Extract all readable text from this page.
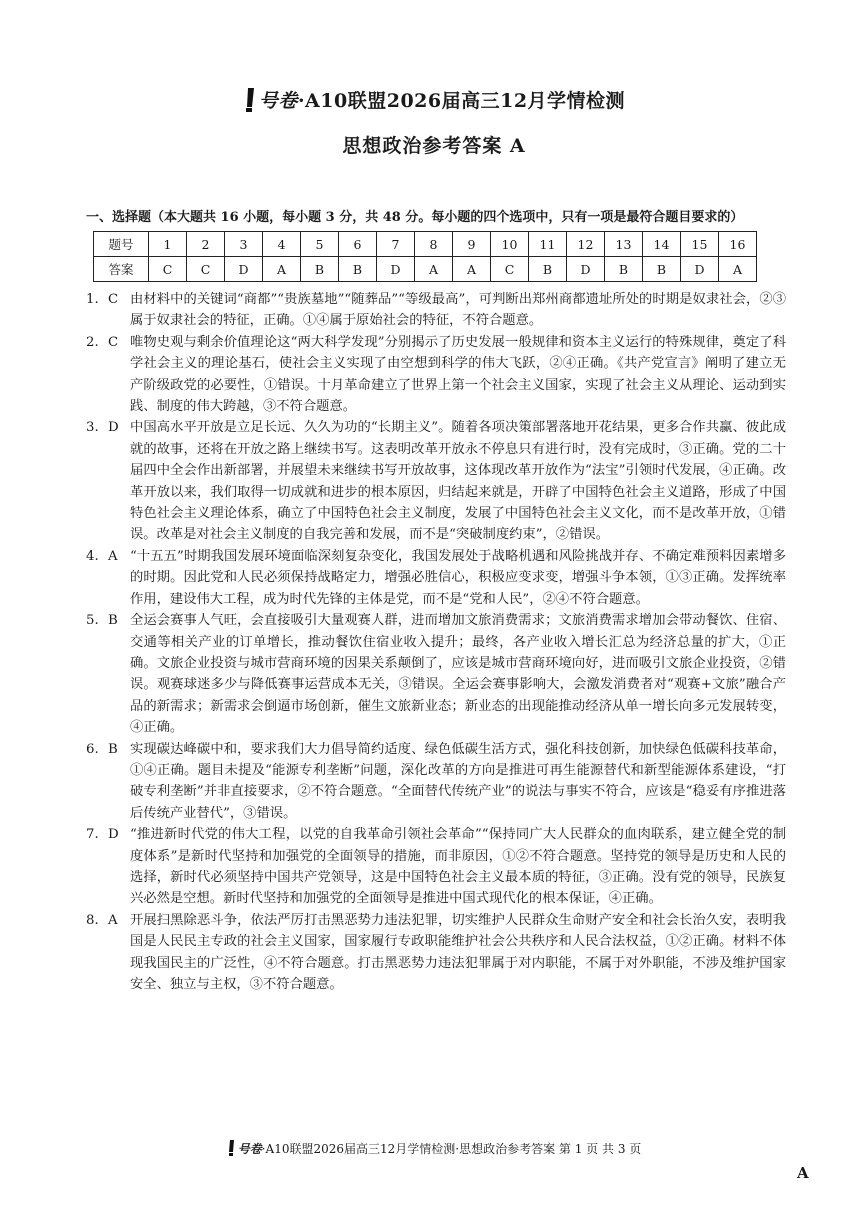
号卷·A10联盟2026届高三12月学情检测
思想政治参考答案 A
一、选择题（本大题共 16 小题，每小题 3 分，共 48 分。每小题的四个选项中，只有一项是最符合题目要求的）
题号	1	2	3	4	5	6	7	8	9	10	11	12	13	14	15	16
答案	C	C	D	A	B	B	D	A	A	C	B	D	B	B	D	A
1. C 由材料中的关键词“商都”“贵族墓地”“随葬品”“等级最高”，可判断出郑州商都遗址所处的时期是奴隶社会，②③属于奴隶社会的特征，正确。①④属于原始社会的特征，不符合题意。
2. C 唯物史观与剩余价值理论这“两大科学发现”分别揭示了历史发展一般规律和资本主义运行的特殊规律，奠定了科学社会主义的理论基石，使社会主义实现了由空想到科学的伟大飞跃，②④正确。《共产党宣言》阐明了建立无产阶级政党的必要性，①错误。十月革命建立了世界上第一个社会主义国家，实现了社会主义从理论、运动到实践、制度的伟大跨越，③不符合题意。
3. D 中国高水平开放是立足长远、久久为功的“长期主义”。随着各项决策部署落地开花结果，更多合作共赢、彼此成就的故事，还将在开放之路上继续书写。这表明改革开放永不停息只有进行时，没有完成时，③正确。党的二十届四中全会作出新部署，并展望未来继续书写开放故事，这体现改革开放作为“法宝”引领时代发展，④正确。改革开放以来，我们取得一切成就和进步的根本原因，归结起来就是，开辟了中国特色社会主义道路，形成了中国特色社会主义理论体系，确立了中国特色社会主义制度，发展了中国特色社会主义文化，而不是改革开放，①错误。改革是对社会主义制度的自我完善和发展，而不是“突破制度约束”，②错误。
4. A “十五五”时期我国发展环境面临深刻复杂变化，我国发展处于战略机遇和风险挑战并存、不确定难预料因素增多的时期。因此党和人民必须保持战略定力，增强必胜信心，积极应变求变，增强斗争本领，①③正确。发挥统率作用，建设伟大工程，成为时代先锋的主体是党，而不是“党和人民”，②④不符合题意。
5. B 全运会赛事人气旺，会直接吸引大量观赛人群，进而增加文旅消费需求；文旅消费需求增加会带动餐饮、住宿、交通等相关产业的订单增长，推动餐饮住宿业收入提升；最终，各产业收入增长汇总为经济总量的扩大，①正确。文旅企业投资与城市营商环境的因果关系颠倒了，应该是城市营商环境向好，进而吸引文旅企业投资，②错误。观赛球迷多少与降低赛事运营成本无关，③错误。全运会赛事影响大，会激发消费者对“观赛+文旅”融合产品的新需求；新需求会倒逼市场创新，催生文旅新业态；新业态的出现能推动经济从单一增长向多元发展转变，④正确。
6. B 实现碳达峰碳中和，要求我们大力倡导简约适度、绿色低碳生活方式，强化科技创新，加快绿色低碳科技革命，①④正确。题目未提及“能源专利垄断”问题，深化改革的方向是推进可再生能源替代和新型能源体系建设，“打破专利垄断”并非直接要求，②不符合题意。“全面替代传统产业”的说法与事实不符合，应该是“稳妥有序推进落后传统产业替代”，③错误。
7. D “推进新时代党的伟大工程，以党的自我革命引领社会革命”“保持同广大人民群众的血肉联系，建立健全党的制度体系”是新时代坚持和加强党的全面领导的措施，而非原因，①②不符合题意。坚持党的领导是历史和人民的选择，新时代必须坚持中国共产党领导，这是中国特色社会主义最本质的特征，③正确。没有党的领导，民族复兴必然是空想。新时代坚持和加强党的全面领导是推进中国式现代化的根本保证，④正确。
8. A 开展扫黑除恶斗争，依法严厉打击黑恶势力违法犯罪，切实维护人民群众生命财产安全和社会长治久安，表明我国是人民民主专政的社会主义国家，国家履行专政职能维护社会公共秩序和人民合法权益，①②正确。材料不体现我国民主的广泛性，④不符合题意。打击黑恶势力违法犯罪属于对内职能，不属于对外职能，不涉及维护国家安全、独立与主权，③不符合题意。
号卷·A10联盟2026届高三12月学情检测·思想政治参考答案 第 1 页 共 3 页
A
